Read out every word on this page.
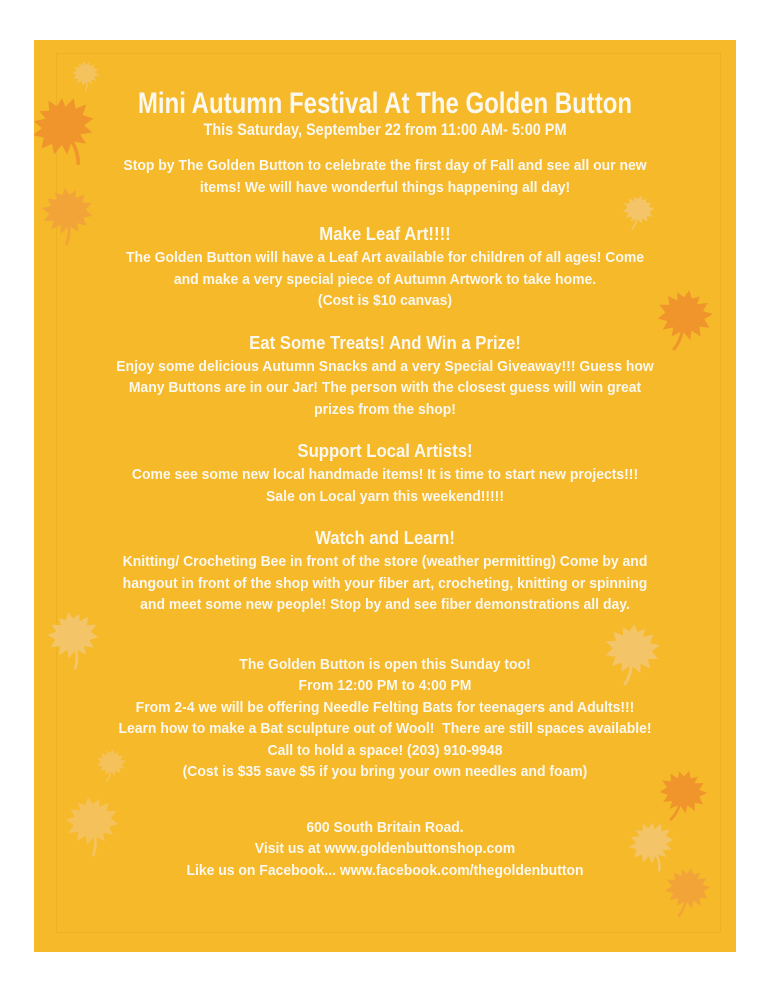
Mini Autumn Festival At The Golden Button
This Saturday, September 22 from 11:00 AM- 5:00 PM
Stop by The Golden Button to celebrate the first day of Fall and see all our new
items! We will have wonderful things happening all day!
Make Leaf Art!!!!
The Golden Button will have a Leaf Art available for children of all ages! Come
and make a very special piece of Autumn Artwork to take home.
(Cost is $10 canvas)
Eat Some Treats! And Win a Prize!
Enjoy some delicious Autumn Snacks and a very Special Giveaway!!! Guess how
Many Buttons are in our Jar! The person with the closest guess will win great
prizes from the shop!
Support Local Artists!
Come see some new local handmade items! It is time to start new projects!!!
Sale on Local yarn this weekend!!!!!
Watch and Learn!
Knitting/ Crocheting Bee in front of the store (weather permitting) Come by and
hangout in front of the shop with your fiber art, crocheting, knitting or spinning
and meet some new people! Stop by and see fiber demonstrations all day.
The Golden Button is open this Sunday too!
From 12:00 PM to 4:00 PM
From 2-4 we will be offering Needle Felting Bats for teenagers and Adults!!!
Learn how to make a Bat sculpture out of Wool!  There are still spaces available!
Call to hold a space! (203) 910-9948
(Cost is $35 save $5 if you bring your own needles and foam)
600 South Britain Road.
Visit us at www.goldenbuttonshop.com
Like us on Facebook... www.facebook.com/thegoldenbutton
